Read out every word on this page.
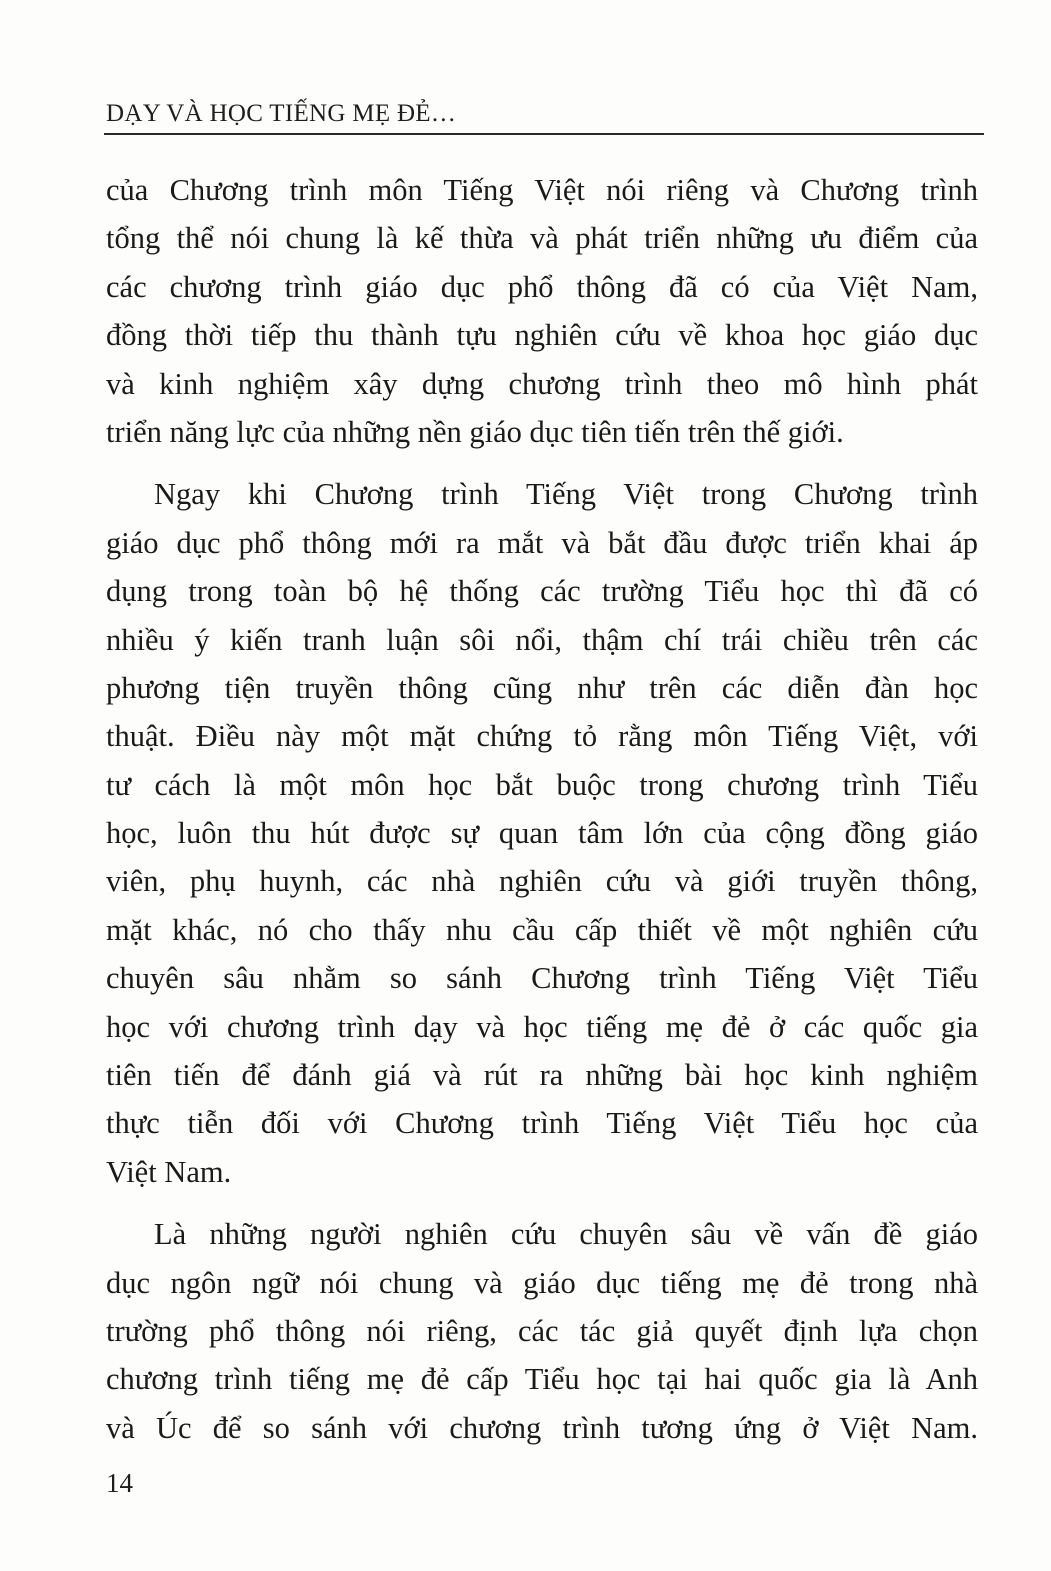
DẠY VÀ HỌC TIẾNG MẸ ĐẺ…
của Chương trình môn Tiếng Việt nói riêng và Chương trình
tổng thể nói chung là kế thừa và phát triển những ưu điểm của
các chương trình giáo dục phổ thông đã có của Việt Nam,
đồng thời tiếp thu thành tựu nghiên cứu về khoa học giáo dục
và kinh nghiệm xây dựng chương trình theo mô hình phát
triển năng lực của những nền giáo dục tiên tiến trên thế giới.
Ngay khi Chương trình Tiếng Việt trong Chương trình
giáo dục phổ thông mới ra mắt và bắt đầu được triển khai áp
dụng trong toàn bộ hệ thống các trường Tiểu học thì đã có
nhiều ý kiến tranh luận sôi nổi, thậm chí trái chiều trên các
phương tiện truyền thông cũng như trên các diễn đàn học
thuật. Điều này một mặt chứng tỏ rằng môn Tiếng Việt, với
tư cách là một môn học bắt buộc trong chương trình Tiểu
học, luôn thu hút được sự quan tâm lớn của cộng đồng giáo
viên, phụ huynh, các nhà nghiên cứu và giới truyền thông,
mặt khác, nó cho thấy nhu cầu cấp thiết về một nghiên cứu
chuyên sâu nhằm so sánh Chương trình Tiếng Việt Tiểu
học với chương trình dạy và học tiếng mẹ đẻ ở các quốc gia
tiên tiến để đánh giá và rút ra những bài học kinh nghiệm
thực tiễn đối với Chương trình Tiếng Việt Tiểu học của
Việt Nam.
Là những người nghiên cứu chuyên sâu về vấn đề giáo
dục ngôn ngữ nói chung và giáo dục tiếng mẹ đẻ trong nhà
trường phổ thông nói riêng, các tác giả quyết định lựa chọn
chương trình tiếng mẹ đẻ cấp Tiểu học tại hai quốc gia là Anh
và Úc để so sánh với chương trình tương ứng ở Việt Nam.
14
